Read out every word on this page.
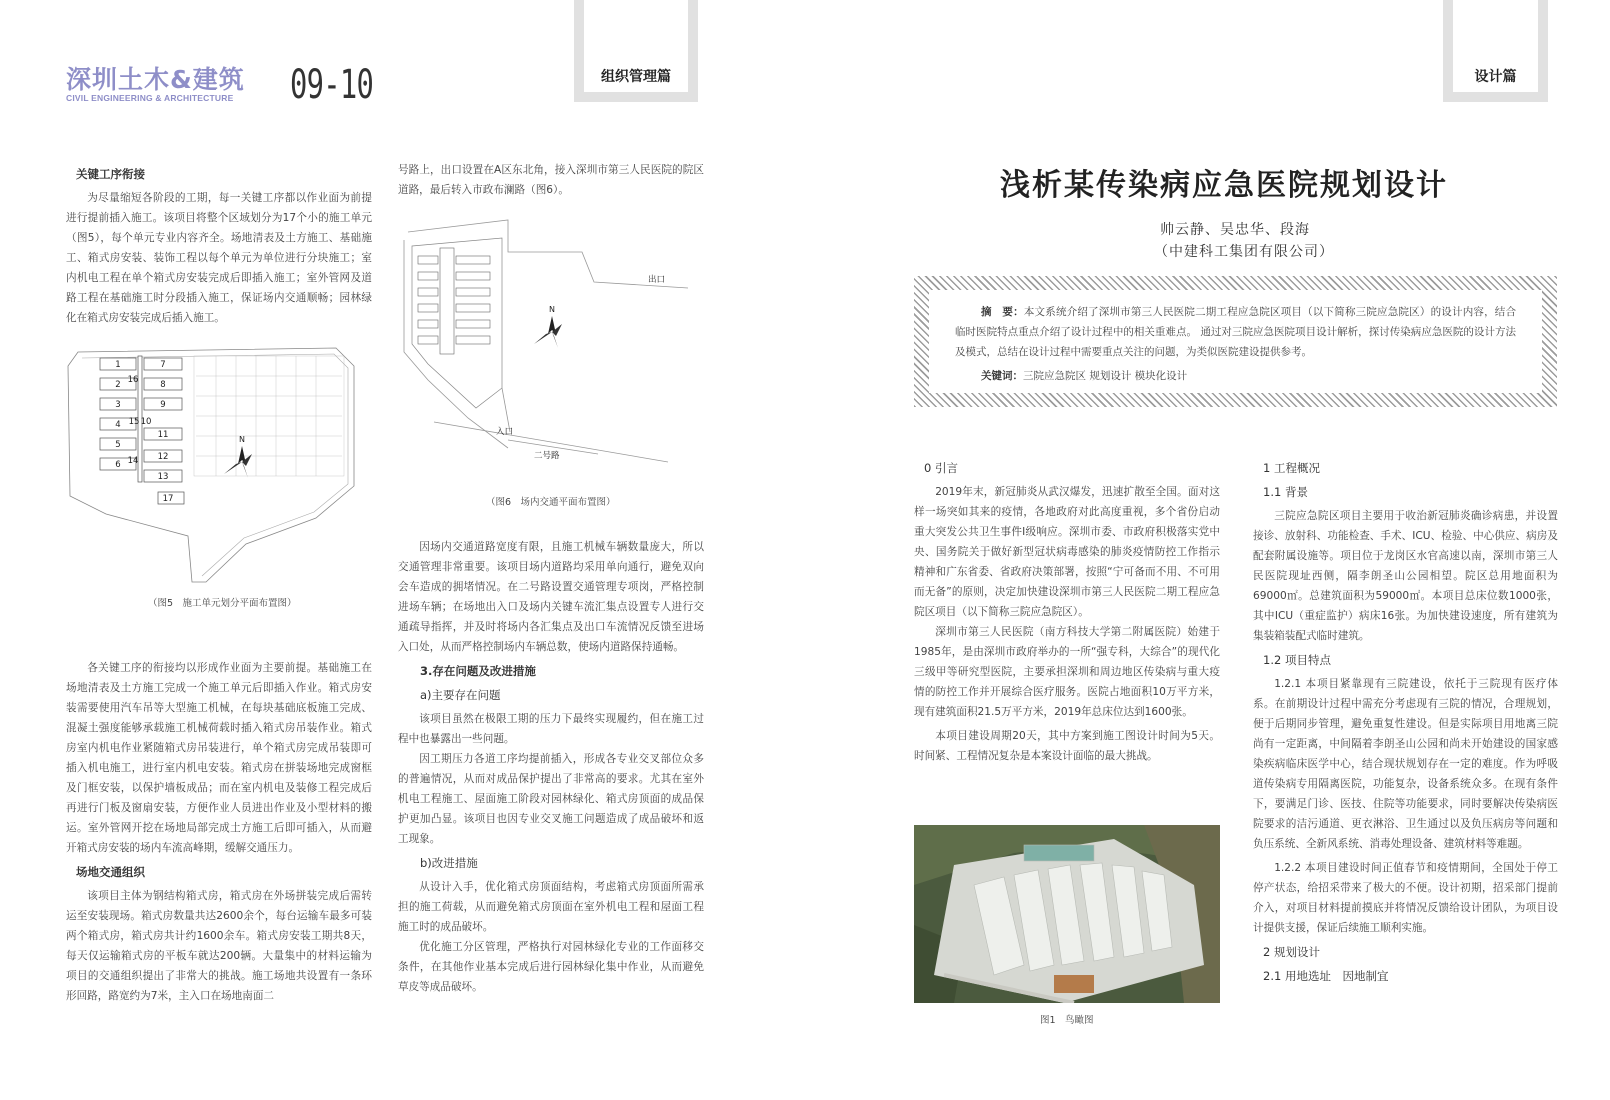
深圳土木&建筑
CIVIL ENGINEERING & ARCHITECTURE 09-10	组织管理篇	设计篇
关键工序衔接

为尽量缩短各阶段的工期，每一关键工序都以作业面为前提进行提前插入施工。该项目将整个区域划分为17个小的施工单元（图5），每个单元专业内容齐全。场地清表及土方施工、基础施工、箱式房安装、装饰工程以每个单元为单位进行分块施工；室内机电工程在单个箱式房安装完成后即插入施工；室外管网及道路工程在基础施工时分段插入施工，保证场内交通顺畅；园林绿化在箱式房安装完成后插入施工。

1	7
2 16	8
3	9
4 15 10
11
5
12
6 14
13
17
N
（图5　施工单元划分平面布置图）

各关键工序的衔接均以形成作业面为主要前提。基础施工在场地清表及土方施工完成一个施工单元后即插入作业。箱式房安装需要使用汽车吊等大型施工机械，在每块基础底板施工完成、混凝土强度能够承载施工机械荷载时插入箱式房吊装作业。箱式房室内机电作业紧随箱式房吊装进行，单个箱式房完成吊装即可插入机电施工，进行室内机电安装。箱式房在拼装场地完成窗框及门框安装，以保护墙板成品；而在室内机电及装修工程完成后再进行门板及窗扇安装，方便作业人员进出作业及小型材料的搬运。室外管网开挖在场地局部完成土方施工后即可插入，从而避开箱式房安装的场内车流高峰期，缓解交通压力。

场地交通组织

该项目主体为钢结构箱式房，箱式房在外场拼装完成后需转运至安装现场。箱式房数量共达2600余个，每台运输车最多可装两个箱式房，箱式房共计约1600余车。箱式房安装工期共8天，每天仅运输箱式房的平板车就达200辆。大量集中的材料运输为项目的交通组织提出了非常大的挑战。施工场地共设置有一条环形回路，路宽约为7米，主入口在场地南面二

号路上，出口设置在A区东北角，接入深圳市第三人民医院的院区道路，最后转入市政布澜路（图6）。

出口
入口
二号路
N
（图6　场内交通平面布置图）

因场内交通道路宽度有限，且施工机械车辆数量庞大，所以交通管理非常重要。该项目场内道路均采用单向通行，避免双向会车造成的拥堵情况。在二号路设置交通管理专项岗，严格控制进场车辆；在场地出入口及场内关键车流汇集点设置专人进行交通疏导指挥，并及时将场内各汇集点及出口车流情况反馈至进场入口处，从而严格控制场内车辆总数，使场内道路保持通畅。

3.存在问题及改进措施
a)主要存在问题

该项目虽然在极限工期的压力下最终实现履约，但在施工过程中也暴露出一些问题。

因工期压力各道工序均提前插入，形成各专业交叉部位众多的普遍情况，从而对成品保护提出了非常高的要求。尤其在室外机电工程施工、屋面施工阶段对园林绿化、箱式房顶面的成品保护更加凸显。该项目也因专业交叉施工问题造成了成品破坏和返工现象。

b)改进措施

从设计入手，优化箱式房顶面结构，考虑箱式房顶面所需承担的施工荷载，从而避免箱式房顶面在室外机电工程和屋面工程施工时的成品破坏。

优化施工分区管理，严格执行对园林绿化专业的工作面移交条件，在其他作业基本完成后进行园林绿化集中作业，从而避免草皮等成品破坏。

浅析某传染病应急医院规划设计
帅云静、吴忠华、段海
（中建科工集团有限公司）

摘　要：本文系统介绍了深圳市第三人民医院二期工程应急院区项目（以下简称三院应急院区）的设计内容，结合临时医院特点重点介绍了设计过程中的相关重难点。 通过对三院应急医院项目设计解析，探讨传染病应急医院的设计方法及模式，总结在设计过程中需要重点关注的问题，为类似医院建设提供参考。

关键词：三院应急院区 规划设计 模块化设计

0 引言

2019年末，新冠肺炎从武汉爆发，迅速扩散至全国。面对这样一场突如其来的疫情，各地政府对此高度重视，多个省份启动重大突发公共卫生事件I级响应。深圳市委、市政府积极落实党中央、国务院关于做好新型冠状病毒感染的肺炎疫情防控工作指示精神和广东省委、省政府决策部署，按照“宁可备而不用、不可用而无备”的原则，决定加快建设深圳市第三人民医院二期工程应急院区项目（以下简称三院应急院区）。

深圳市第三人民医院（南方科技大学第二附属医院）始建于1985年，是由深圳市政府举办的一所“强专科，大综合”的现代化三级甲等研究型医院，主要承担深圳和周边地区传染病与重大疫情的防控工作并开展综合医疗服务。医院占地面积10万平方米，现有建筑面积21.5万平方米，2019年总床位达到1600张。

本项目建设周期20天，其中方案到施工图设计时间为5天。时间紧、工程情况复杂是本案设计面临的最大挑战。

图1　鸟瞰图
1 工程概况
1.1 背景

三院应急院区项目主要用于收治新冠肺炎确诊病患，并设置接诊、放射科、功能检查、手术、ICU、检验、中心供应、病房及配套附属设施等。项目位于龙岗区水官高速以南，深圳市第三人民医院现址西侧，隔李朗圣山公园相望。院区总用地面积为69000㎡。总建筑面积为59000㎡。本项目总床位数1000张，其中ICU（重症监护）病床16张。为加快建设速度，所有建筑为集装箱装配式临时建筑。

1.2 项目特点

1.2.1 本项目紧靠现有三院建设，依托于三院现有医疗体系。在前期设计过程中需充分考虑现有三院的情况，合理规划，便于后期同步管理，避免重复性建设。但是实际项目用地离三院尚有一定距离，中间隔着李朗圣山公园和尚未开始建设的国家感染疾病临床医学中心，结合现状规划存在一定的难度。作为呼吸道传染病专用隔离医院，功能复杂，设备系统众多。在现有条件下，要满足门诊、医技、住院等功能要求，同时要解决传染病医院要求的洁污通道、更衣淋浴、卫生通过以及负压病房等问题和负压系统、全新风系统、消毒处理设备、建筑材料等难题。

1.2.2 本项目建设时间正值春节和疫情期间，全国处于停工停产状态，给招采带来了极大的不便。设计初期，招采部门提前介入，对项目材料提前摸底并将情况反馈给设计团队，为项目设计提供支援，保证后续施工顺利实施。

2 规划设计
2.1 用地选址　因地制宜
